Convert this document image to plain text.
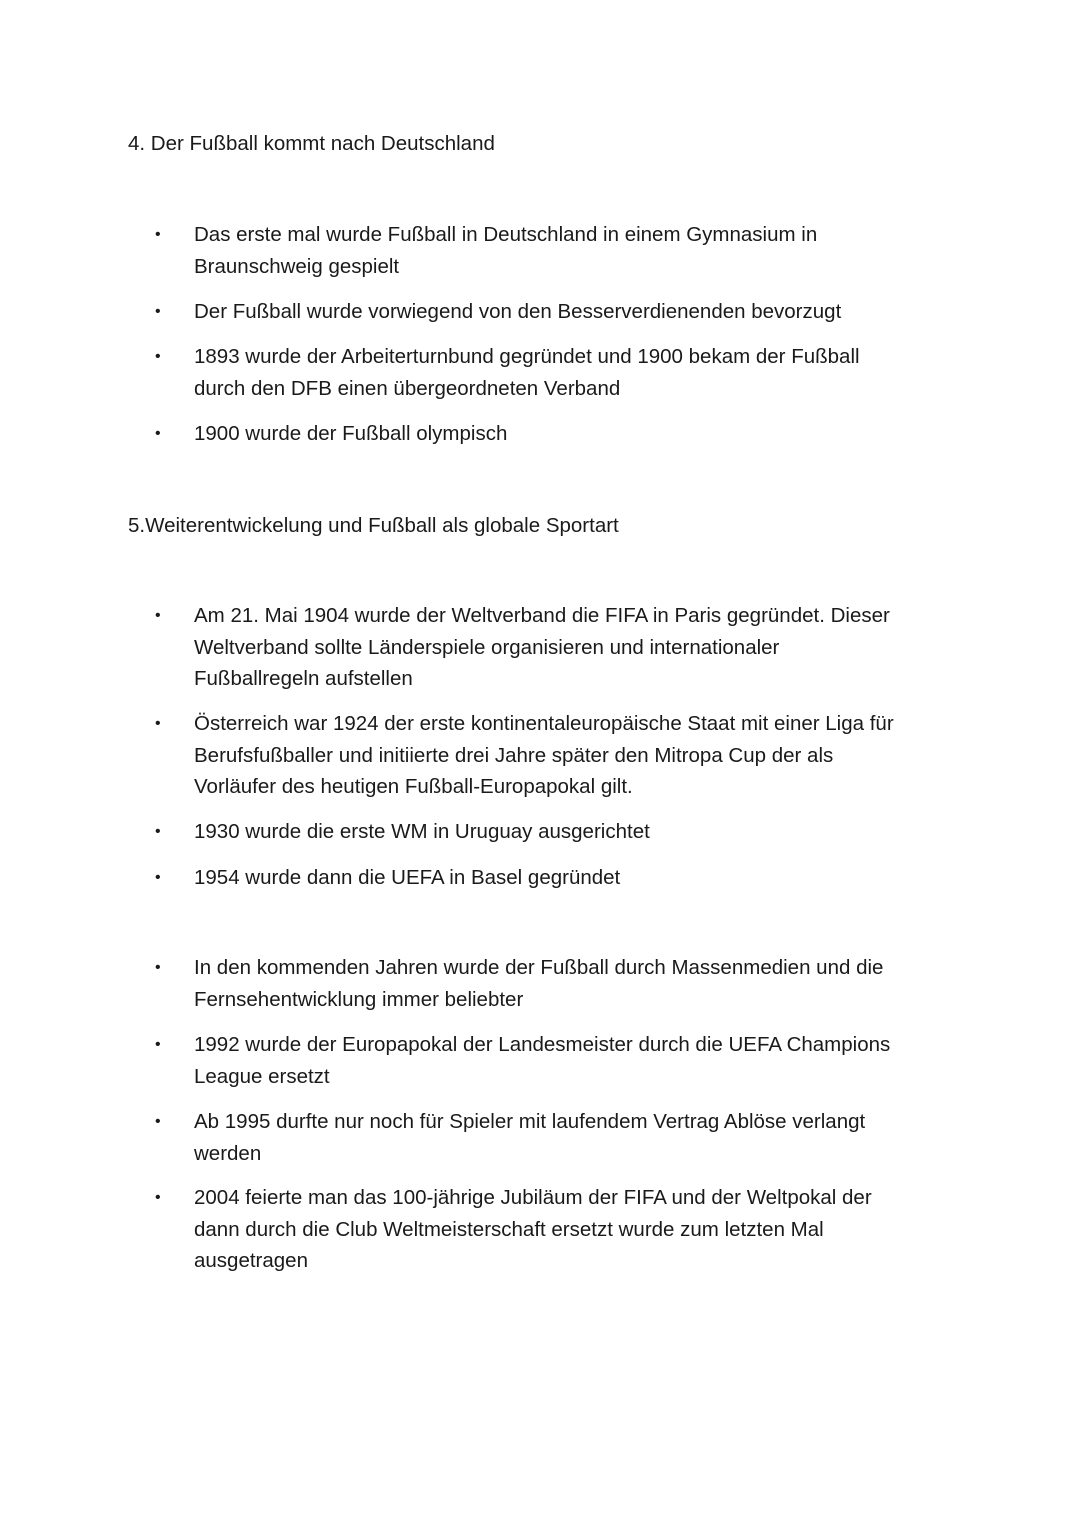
4. Der Fußball kommt nach Deutschland
•	Das erste mal wurde Fußball in Deutschland in einem Gymnasium in
Braunschweig gespielt
•	Der Fußball wurde vorwiegend von den Besserverdienenden bevorzugt
•	1893 wurde der Arbeiterturnbund gegründet und 1900 bekam der Fußball
durch den DFB einen übergeordneten Verband
•	1900 wurde der Fußball olympisch
5.Weiterentwickelung und Fußball als globale Sportart
•	Am 21. Mai 1904 wurde der Weltverband die FIFA in Paris gegründet. Dieser
Weltverband sollte Länderspiele organisieren und internationaler
Fußballregeln aufstellen
•	Österreich war 1924 der erste kontinentaleuropäische Staat mit einer Liga für
Berufsfußballer und initiierte drei Jahre später den Mitropa Cup der als
Vorläufer des heutigen Fußball-Europapokal gilt.
•	1930 wurde die erste WM in Uruguay ausgerichtet
•	1954 wurde dann die UEFA in Basel gegründet
•	In den kommenden Jahren wurde der Fußball durch Massenmedien und die
Fernsehentwicklung immer beliebter
•	1992 wurde der Europapokal der Landesmeister durch die UEFA Champions
League ersetzt
•	Ab 1995 durfte nur noch für Spieler mit laufendem Vertrag Ablöse verlangt
werden
•	2004 feierte man das 100-jährige Jubiläum der FIFA und der Weltpokal der
dann durch die Club Weltmeisterschaft ersetzt wurde zum letzten Mal
ausgetragen
